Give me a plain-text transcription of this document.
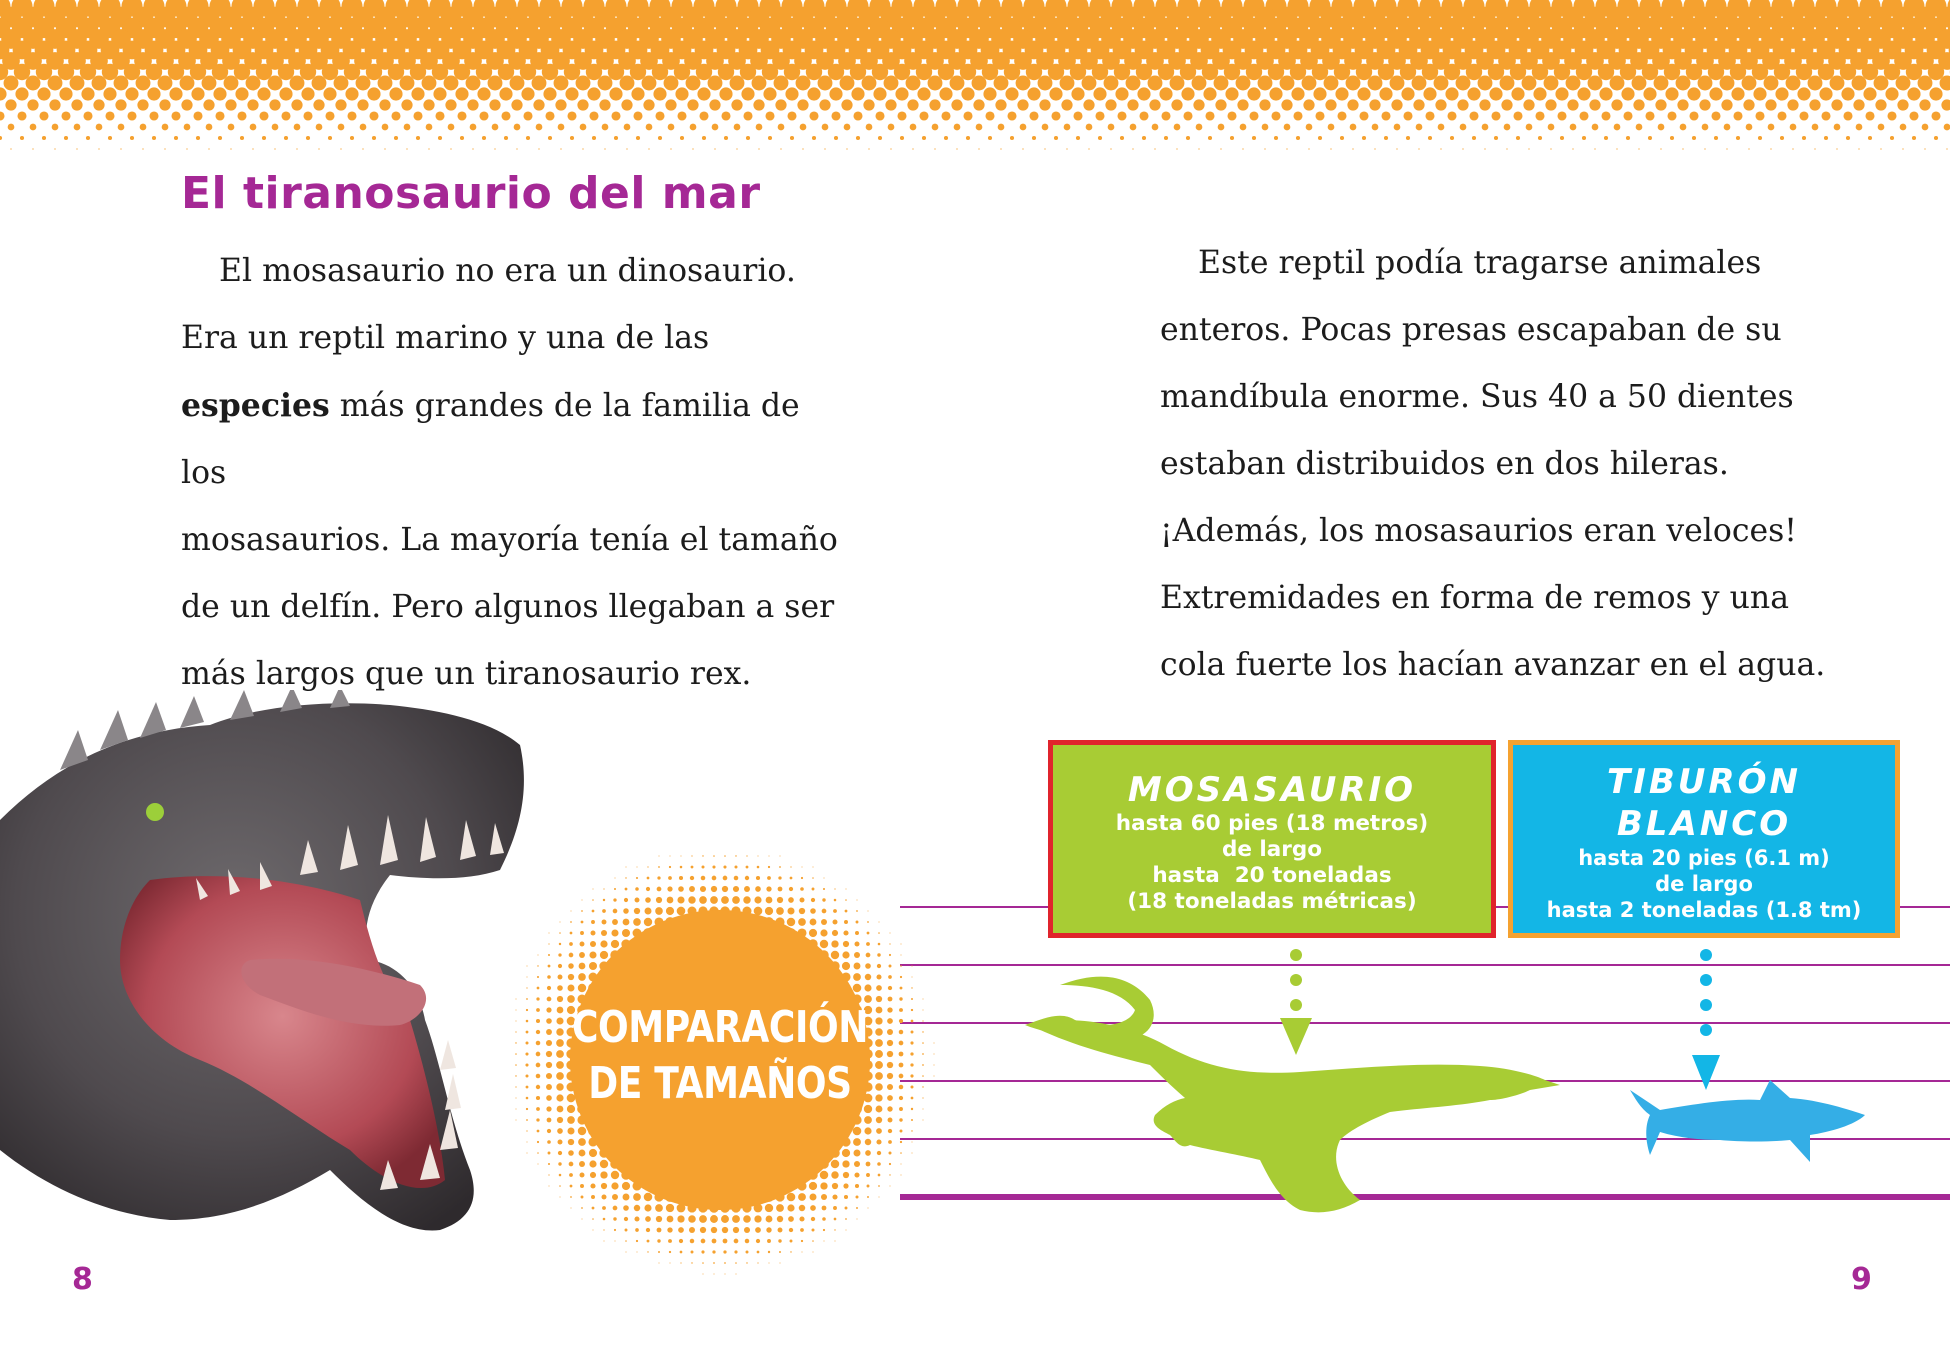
El tiranosaurio del mar
El mosasaurio no era un dinosaurio.
Era un reptil marino y una de las
especies más grandes de la familia de los
mosasaurios. La mayoría tenía el tamaño
de un delfín. Pero algunos llegaban a ser
más largos que un tiranosaurio rex.
Este reptil podía tragarse animales
enteros. Pocas presas escapaban de su
mandíbula enorme. Sus 40 a 50 dientes
estaban distribuidos en dos hileras.
¡Además, los mosasaurios eran veloces!
Extremidades en forma de remos y una
cola fuerte los hacían avanzar en el agua.
COMPARACIÓN
DE TAMAÑOS

MOSASAURIO

hasta 60 pies (18 metros)

de largo

hasta  20 toneladas

(18 toneladas métricas)

TIBURÓN

BLANCO

hasta 20 pies (6.1 m)

de largo

hasta 2 toneladas (1.8 tm)

8	9
